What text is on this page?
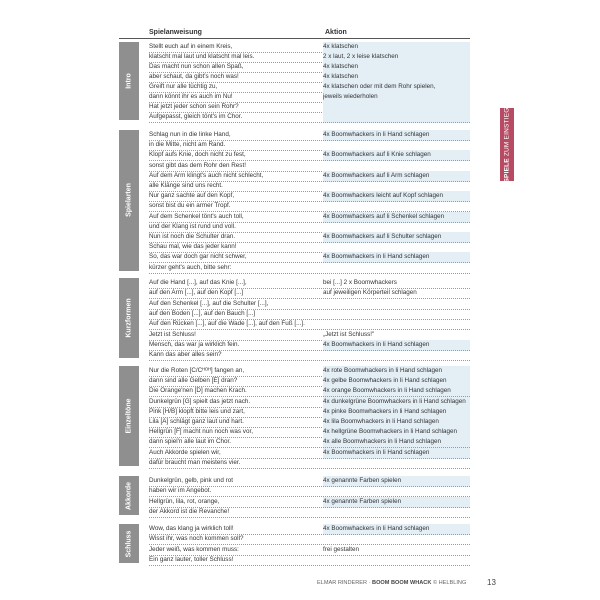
Spielanweisung	Aktion
Intro
Stellt euch auf in einem Kreis,	4x klatschen
klatscht mal laut und klatscht mal leis.	2 x laut, 2 x leise klatschen
Das macht nun schon allen Spaß,	4x klatschen
aber schaut, da gibt's noch was!	4x klatschen
Greift nur alle tüchtig zu,	4x klatschen oder mit dem Rohr spielen,
dann könnt ihr es auch im Nu!	jeweils wiederholen
Hat jetzt jeder schon sein Rohr?
Aufgepasst, gleich tönt's im Chor.
Spielarten
Schlag nun in die linke Hand,	4x Boomwhackers in li Hand schlagen
in die Mitte, nicht am Rand.
Klopf aufs Knie, doch nicht zu fest,	4x Boomwhackers auf li Knie schlagen
sonst gibt das dem Rohr den Rest!
Auf dem Arm klingt's auch nicht schlecht,	4x Boomwhackers auf li Arm schlagen
alle Klänge sind uns recht.
Nur ganz sachte auf den Kopf,	4x Boomwhackers leicht auf Kopf schlagen
sonst bist du ein armer Tropf.
Auf dem Schenkel tönt's auch toll,	4x Boomwhackers auf li Schenkel schlagen
und der Klang ist rund und voll.
Nun ist noch die Schulter dran.	4x Boomwhackers auf li Schulter schlagen
Schau mal, wie das jeder kann!
So, das war doch gar nicht schwer,	4x Boomwhackers in li Hand schlagen
kürzer geht's auch, bitte sehr:
Kurzformen
Auf die Hand [...], auf das Knie [...],	bei [...] 2 x Boomwhackers
auf den Arm [...], auf den Kopf [...]	auf jeweiligen Körperteil schlagen
Auf den Schenkel [...], auf die Schulter [...],
auf den Boden [...], auf den Bauch [...]
Auf den Rücken [...], auf die Wade [...], auf den Fuß [...].
Jetzt ist Schluss!	„Jetzt ist Schluss!"
Mensch, das war ja wirklich fein.	4x Boomwhackers in li Hand schlagen
Kann das aber alles sein?
Einzeltöne
Nur die Roten [C/Cᴴᴼᴴ] fangen an,	4x rote Boomwhackers in li Hand schlagen
dann sind alle Gelben [E] dran?	4x gelbe Boomwhackers in li Hand schlagen
Die Orange'nen [D] machen Krach.	4x orange Boomwhackers in li Hand schlagen
Dunkelgrün [G] spielt das jetzt nach.	4x dunkelgrüne Boomwhackers in li Hand schlagen
Pink [H/B] klopft bitte leis und zart,	4x pinke Boomwhackers in li Hand schlagen
Lila [A] schlägt ganz laut und hart.	4x lila Boomwhackers in li Hand schlagen
Hellgrün [F] macht nun noch was vor,	4x hellgrüne Boomwhackers in li Hand schlagen
dann spiel'n alle laut im Chor.	4x alle Boomwhackers in li Hand schlagen
Auch Akkorde spielen wir,	4x Boomwhackers in li Hand schlagen
dafür braucht man meistens vier.
Akkorde
Dunkelgrün, gelb, pink und rot	4x genannte Farben spielen
haben wir im Angebot.
Hellgrün, lila, rot, orange,	4x genannte Farben spielen
der Akkord ist die Revanche!
Schluss
Wow, das klang ja wirklich toll!	4x Boomwhackers in li Hand schlagen
Wisst ihr, was noch kommen soll?
Jeder weiß, was kommen muss:	frei gestalten
Ein ganz lauter, toller Schluss!
ELMAR RINDERER · BOOM BOOM WHACK © HELBLING	13
SPIELE ZUM EINSTIEG
